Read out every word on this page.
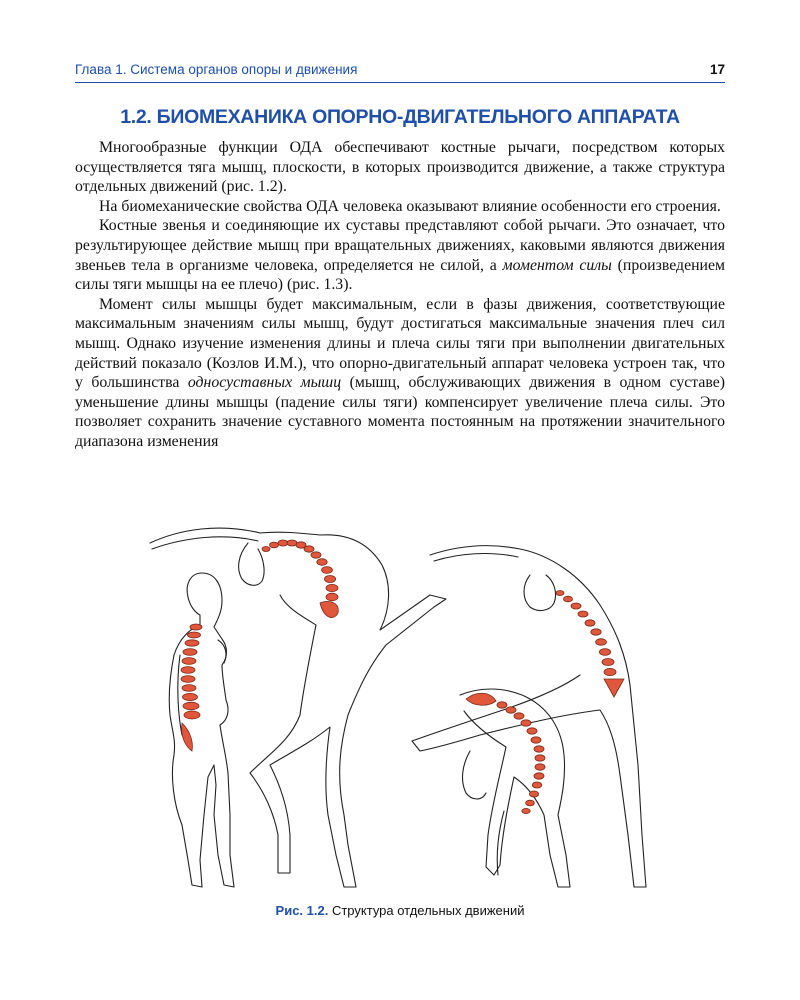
Глава 1. Система органов опоры и движения	17
1.2. БИОМЕХАНИКА ОПОРНО-ДВИГАТЕЛЬНОГО АППАРАТА

Многообразные функции ОДА обеспечивают костные рычаги, посредством которых осуществляется тяга мышц, плоскости, в которых производится движение, а также структура отдельных движений (рис. 1.2).

На биомеханические свойства ОДА человека оказывают влияние особенности его строения.

Костные звенья и соединяющие их суставы представляют собой рычаги. Это означает, что результирующее действие мышц при вращательных движениях, каковыми являются движения звеньев тела в организме человека, определяется не силой, а моментом силы (произведением силы тяги мышцы на ее плечо) (рис. 1.3).

Момент силы мышцы будет максимальным, если в фазы движения, соответствующие максимальным значениям силы мышц, будут достигаться максимальные значения плеч сил мышц. Однако изучение изменения длины и плеча силы тяги при выполнении двигательных действий показало (Козлов И.М.), что опорно-двигательный аппарат человека устроен так, что у большинства односуставных мышц (мышц, обслуживающих движения в одном суставе) уменьшение длины мышцы (падение силы тяги) компенсирует увеличение плеча силы. Это позволяет сохранить значение суставного момента постоянным на протяжении значительного диапазона изменения

Рис. 1.2. Структура отдельных движений
